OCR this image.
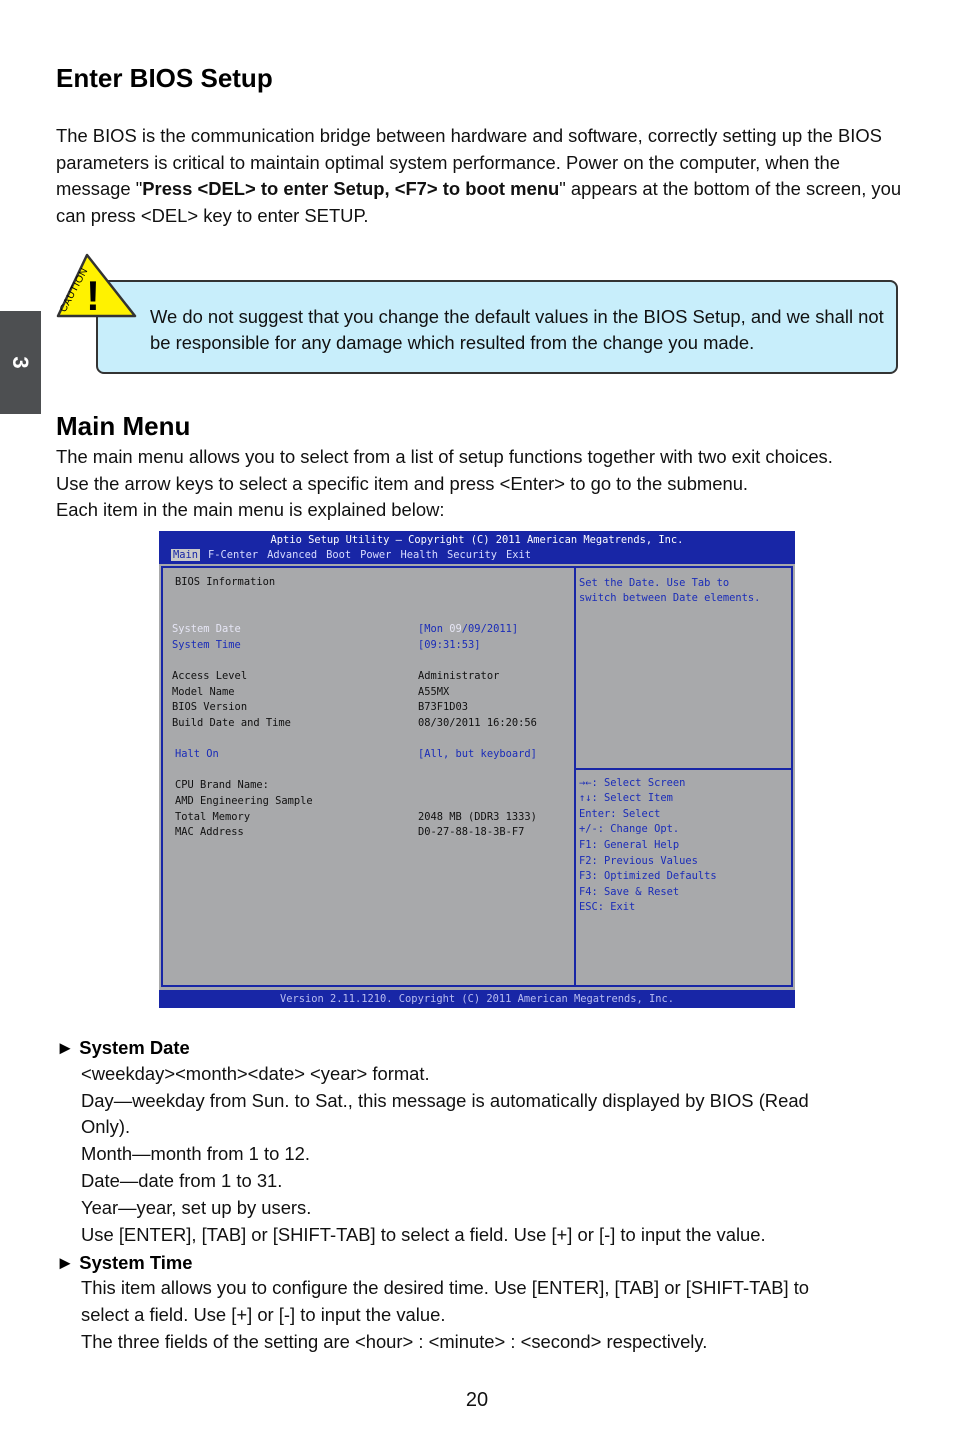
3
Enter BIOS Setup

The BIOS is the communication bridge between hardware and software, correctly setting up the BIOS parameters is critical to maintain optimal system performance. Power on the computer, when the message "Press <DEL> to enter Setup, <F7> to boot menu" appears at the bottom of the screen, you can press <DEL> key to enter SETUP.

We do not suggest that you change the default values in the BIOS Setup, and we shall not be responsible for any damage which resulted from the change you made.

!
CAUTION
Main Menu
The main menu allows you to select from a list of setup functions together with two exit choices.
Use the arrow keys to select a specific item and press <Enter> to go to the submenu.
Each item in the main menu is explained below:
Aptio Setup Utility – Copyright (C) 2011 American Megatrends, Inc.
Main F-Center Advanced Boot Power Health Security Exit
BIOS Information
System Date	[Mon 09/09/2011]
System Time	[09:31:53]
Access Level	Administrator
Model Name	A55MX
BIOS Version	B73F1D03
Build Date and Time	08/30/2011 16:20:56
Halt On	[All, but keyboard]
CPU Brand Name:
AMD Engineering Sample
Total Memory	2048 MB (DDR3 1333)
MAC Address	D0-27-88-18-3B-F7
Set the Date. Use Tab to
switch between Date elements.
→←: Select Screen
↑↓: Select Item
Enter: Select
+/-: Change Opt.
F1: General Help
F2: Previous Values
F3: Optimized Defaults
F4: Save & Reset
ESC: Exit
Version 2.11.1210. Copyright (C) 2011 American Megatrends, Inc.
► System Date
<weekday><month><date> <year> format.
Day—weekday from Sun. to Sat., this message is automatically displayed by BIOS (Read
Only).
Month—month from 1 to 12.
Date—date from 1 to 31.
Year—year, set up by users.
Use [ENTER], [TAB] or [SHIFT-TAB] to select a field. Use [+] or [-] to input the value.
► System Time
This item allows you to configure the desired time. Use [ENTER], [TAB] or [SHIFT-TAB] to
select a field. Use [+] or [-] to input the value.
The three fields of the setting are <hour> : <minute> : <second> respectively.
20
